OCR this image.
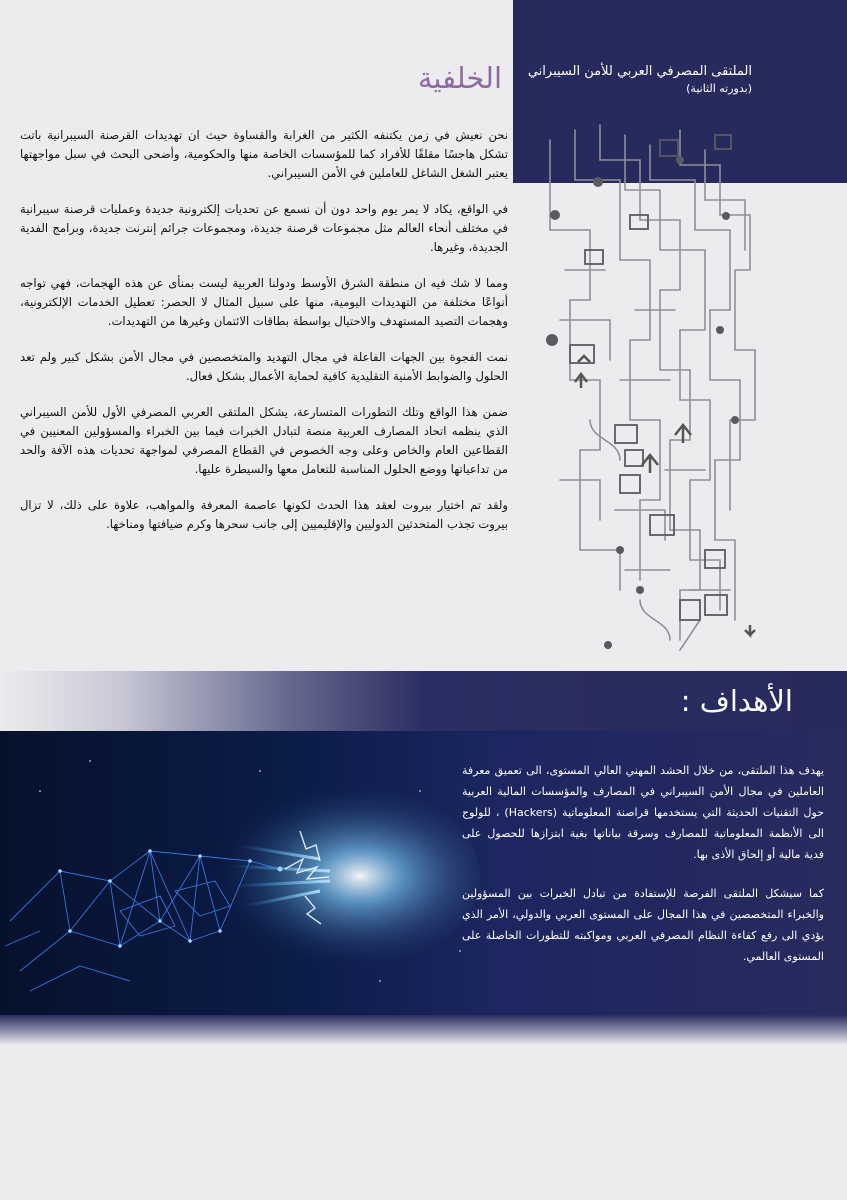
الملتقى المصرفي العربي للأمن السيبراني
(بدورته الثانية)
الخلفية

نحن نعيش في زمن يكتنفه الكثير من الغرابة والقساوة حيث ان تهديدات القرصنة السيبرانية باتت تشكل هاجسًا مقلقًا للأفراد كما للمؤسسات الخاصة منها والحكومية، وأضحى البحث في سبل مواجهتها يعتبر الشغل الشاغل للعاملين في الأمن السيبراني.

في الواقع، يكاد لا يمر يوم واحد دون أن نسمع عن تحديات إلكترونية جديدة وعمليات قرصنة سيبرانية في مختلف أنحاء العالم مثل مجموعات قرصنة جديدة، ومجموعات جرائم إنترنت جديدة، وبرامج الفدية الجديدة، وغيرها.

ومما لا شك فيه ان منطقة الشرق الأوسط ودولنا العربية ليست بمنأى عن هذه الهجمات، فهي تواجه أنواعًا مختلفة من التهديدات اليومية، منها على سبيل المثال لا الحصر: تعطيل الخدمات الإلكترونية، وهجمات التصيد المستهدف والاحتيال بواسطة بطاقات الائتمان وغيرها من التهديدات.

نمت الفجوة بين الجهات الفاعلة في مجال التهديد والمتخصصين في مجال الأمن بشكل كبير ولم تعد الحلول والضوابط الأمنية التقليدية كافية لحماية الأعمال بشكل فعال.

ضمن هذا الواقع وتلك التطورات المتسارعة، يشكل الملتقى العربي المصرفي الأول للأمن السيبراني الذي ينظمه اتحاد المصارف العربية منصة لتبادل الخبرات فيما بين الخبراء والمسؤولين المعنيين في القطاعين العام والخاص وعلى وجه الخصوص في القطاع المصرفي لمواجهة تحديات هذه الآفة والحد من تداعياتها ووضع الحلول المناسبة للتعامل معها والسيطرة عليها.

ولقد تم اختيار بيروت لعقد هذا الحدث لكونها عاصمة المعرفة والمواهب، علاوة على ذلك، لا تزال بيروت تجذب المتحدثين الدوليين والإقليميين إلى جانب سحرها وكرم ضيافتها ومناخها.

الأهداف :

يهدف هذا الملتقى، من خلال الحشد المهني العالي المستوى، الى تعميق معرفة العاملين في مجال الأمن السيبراني في المصارف والمؤسسات المالية العربية حول التقنيات الحديثة التي يستخدمها قراصنة المعلوماتية (Hackers) ، للولوج الى الأنظمة المعلوماتية للمصارف وسرقة بياناتها بغية ابتزازها للحصول على فدية مالية أو إلحاق الأذى بها.

كما سيشكل الملتقى الفرصة للإستفادة من تبادل الخبرات بين المسؤولين والخبراء المتخصصين في هذا المجال على المستوى العربي والدولي، الأمر الذي يؤدي الى رفع كفاءة النظام المصرفي العربي ومواكبته للتطورات الحاصلة على المستوى العالمي.
